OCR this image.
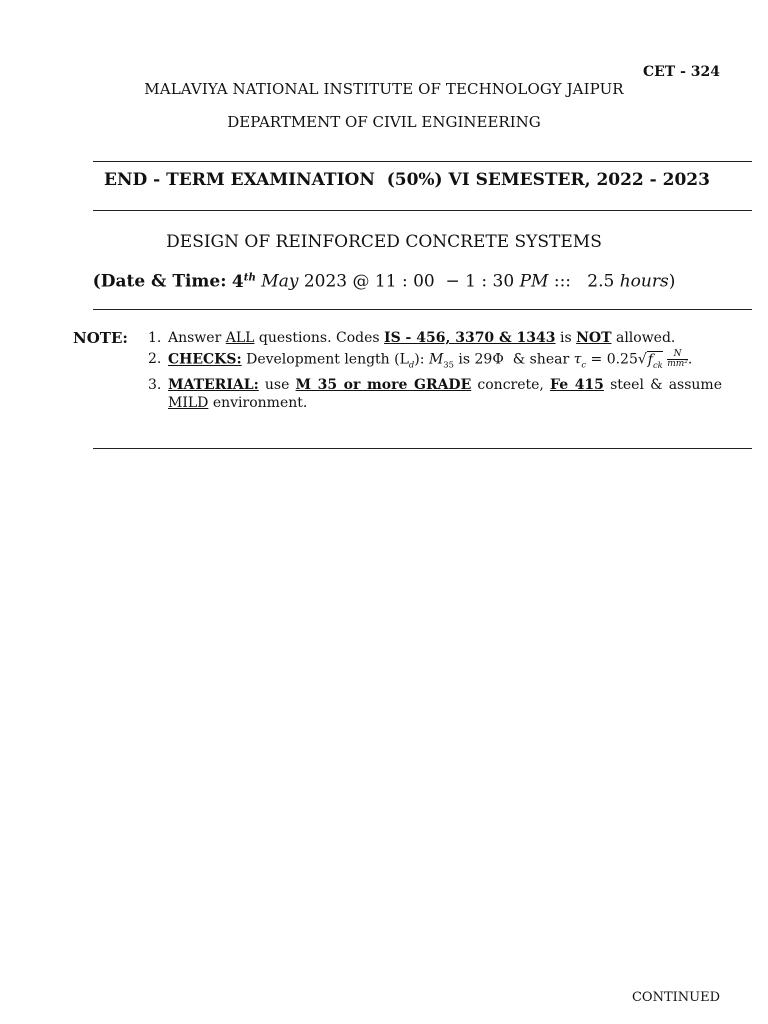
CET - 324
MALAVIYA NATIONAL INSTITUTE OF TECHNOLOGY JAIPUR
DEPARTMENT OF CIVIL ENGINEERING
END - TERM EXAMINATION  (50%) VI SEMESTER, 2022 - 2023
DESIGN OF REINFORCED CONCRETE SYSTEMS
(Date & Time: 4th May 2023 @ 11 : 00  − 1 : 30 PM ::: 2.5 hours)
NOTE: 1. Answer ALL questions. Codes IS - 456, 3370 & 1343 is NOT allowed.
2. CHECKS: Development length $(L_d)$: $M_{35}$ is 29Φ  & shear $\tau_c = 0.25√f_{ck} \frac{N}{\text{mm²}}$ .
3. MATERIAL: use M 35 or more GRADE concrete, Fe 415 steel & assume
MILD environment.
CONTINUED
